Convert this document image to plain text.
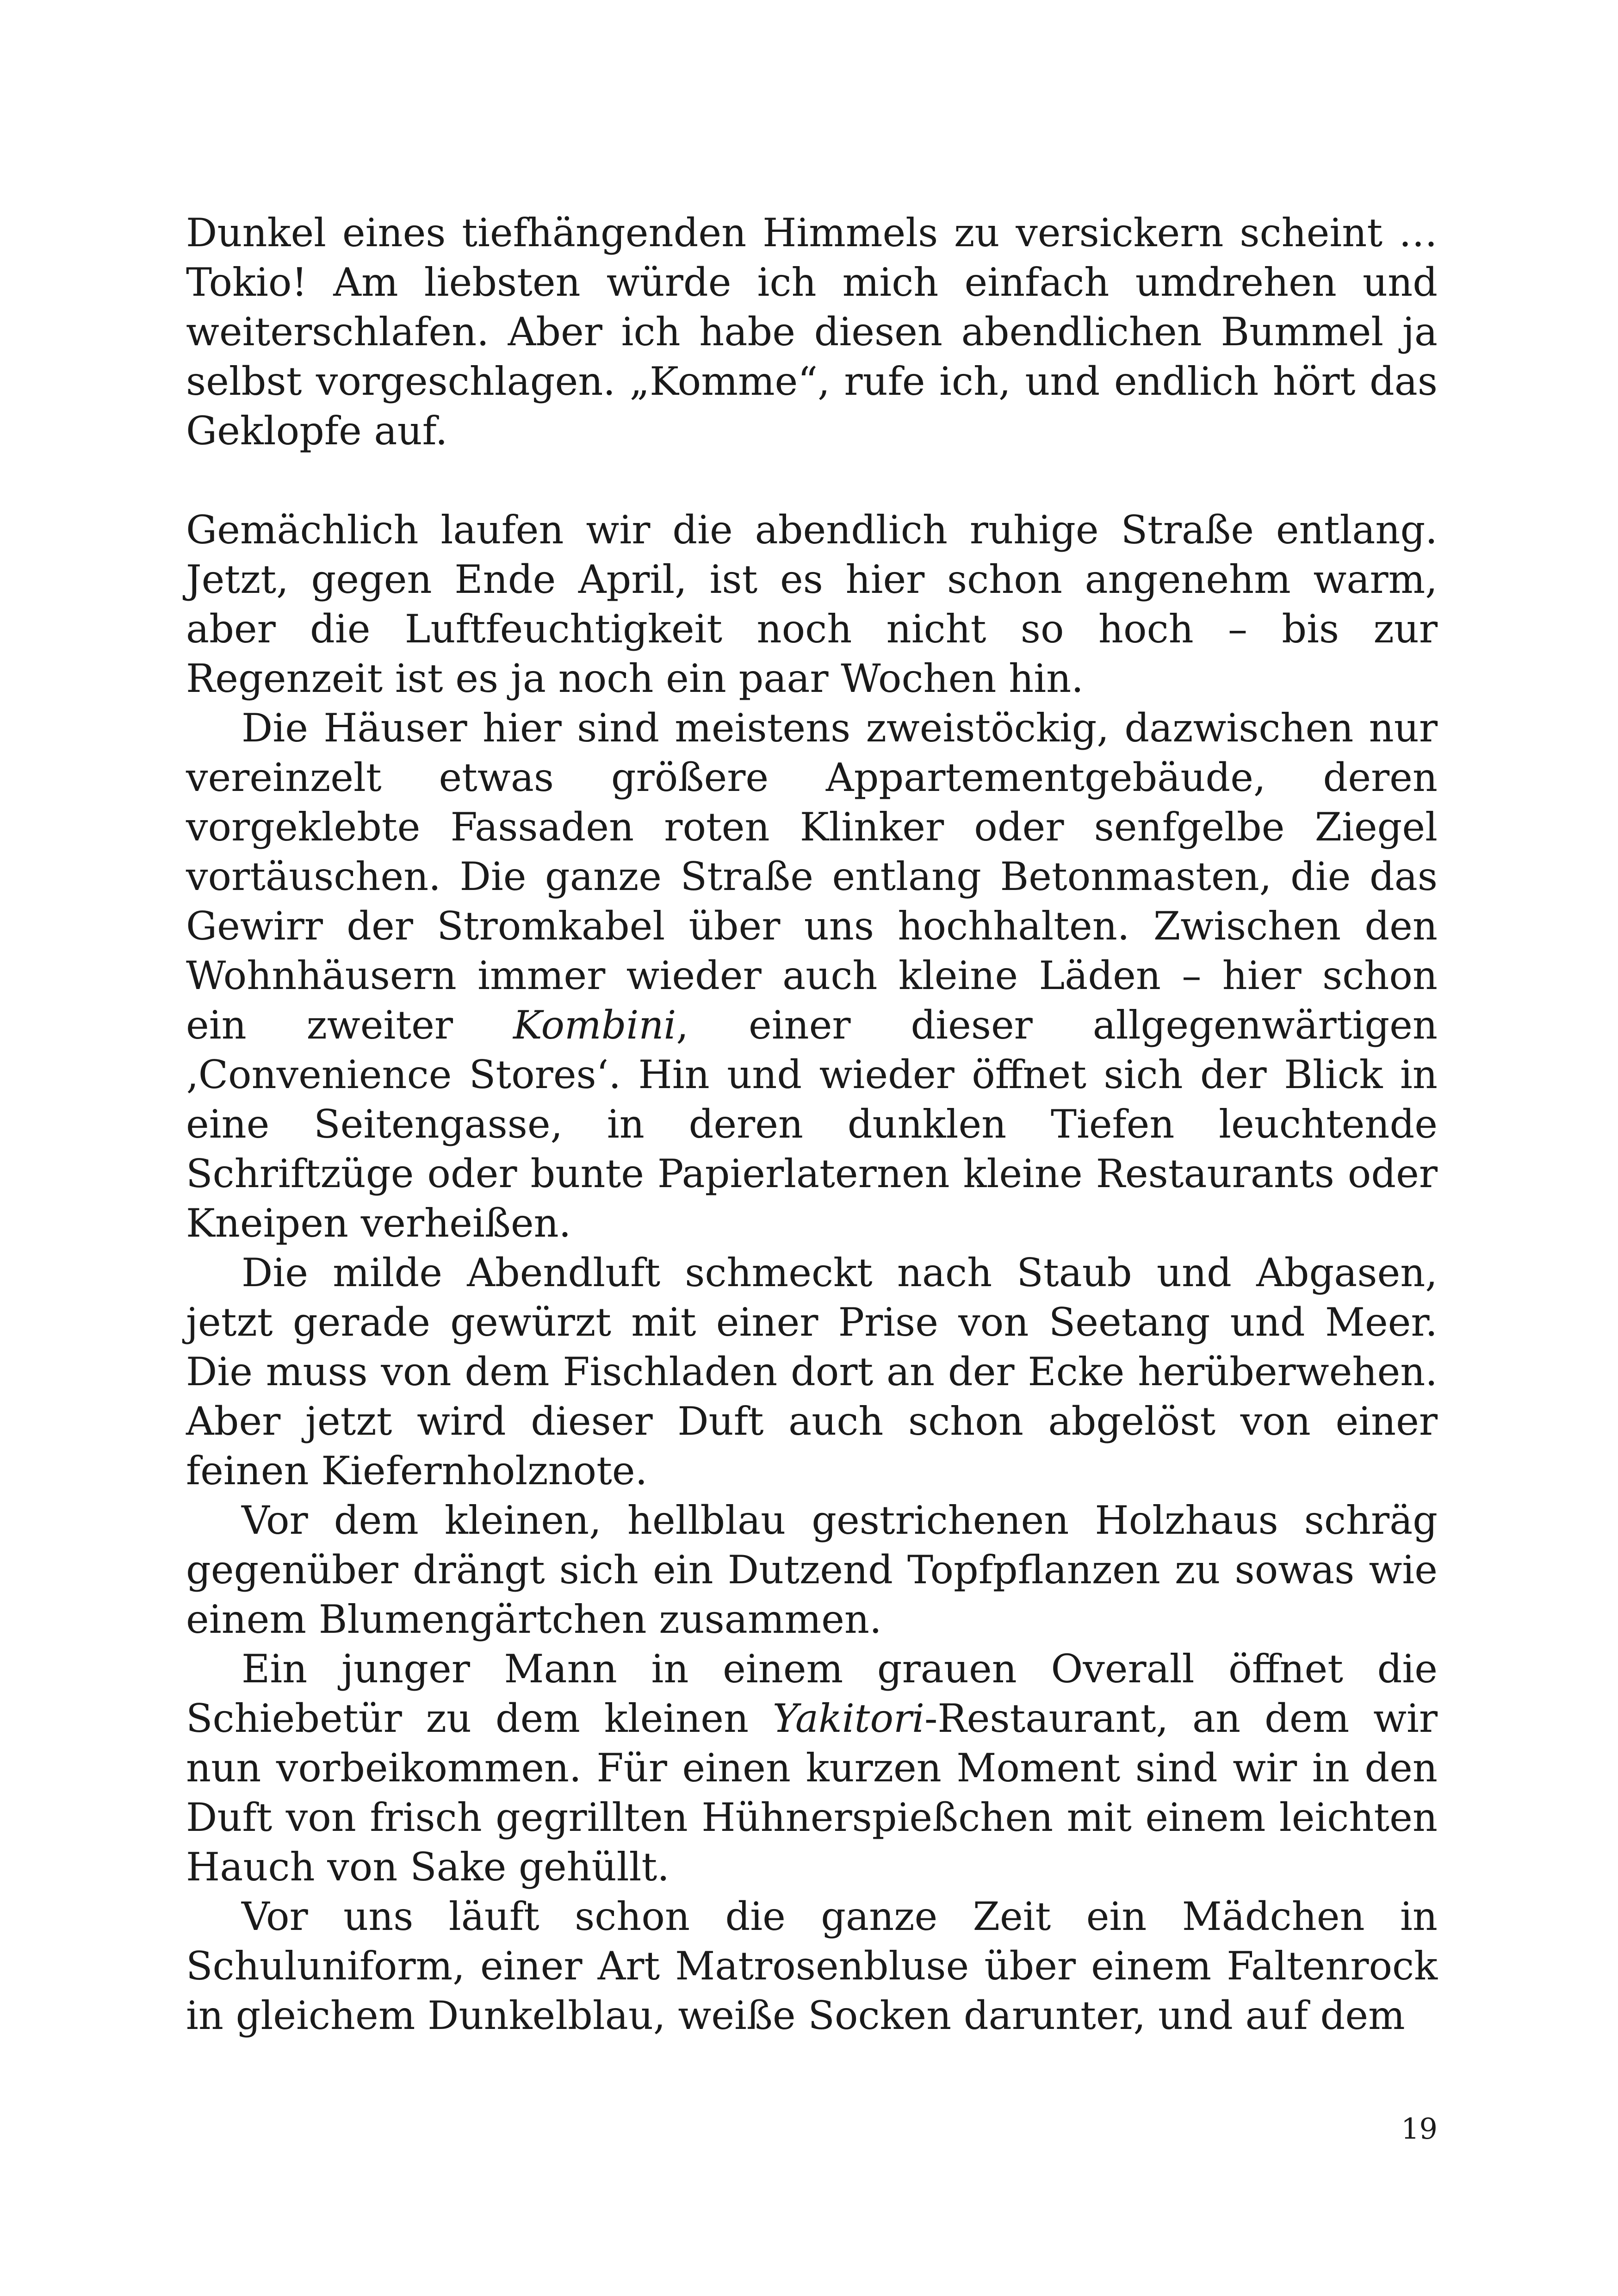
Dunkel eines tiefhängenden Himmels zu versickern scheint … Tokio! Am liebsten würde ich mich einfach umdrehen und weiterschlafen. Aber ich habe diesen abendlichen Bummel ja selbst vorgeschlagen. „Komme“, rufe ich, und endlich hört das Geklopfe auf.

Gemächlich laufen wir die abendlich ruhige Straße entlang. Jetzt, gegen Ende April, ist es hier schon angenehm warm, aber die Luftfeuchtigkeit noch nicht so hoch – bis zur Regenzeit ist es ja noch ein paar Wochen hin.

Die Häuser hier sind meistens zweistöckig, dazwischen nur vereinzelt etwas größere Appartementgebäude, deren vorgeklebte Fassaden roten Klinker oder senfgelbe Ziegel vortäuschen. Die ganze Straße entlang Betonmasten, die das Gewirr der Stromkabel über uns hochhalten. Zwischen den Wohnhäusern immer wieder auch kleine Läden – hier schon ein zweiter Kombini, einer dieser allgegenwärtigen ‚Convenience Stores‘. Hin und wieder öffnet sich der Blick in eine Seitengasse, in deren dunklen Tiefen leuchtende Schriftzüge oder bunte Papierlaternen kleine Restaurants oder Kneipen verheißen.

Die milde Abendluft schmeckt nach Staub und Abgasen, jetzt gerade gewürzt mit einer Prise von Seetang und Meer. Die muss von dem Fischladen dort an der Ecke herüberwehen. Aber jetzt wird dieser Duft auch schon abgelöst von einer feinen Kiefernholznote.

Vor dem kleinen, hellblau gestrichenen Holzhaus schräg gegenüber drängt sich ein Dutzend Topfpflanzen zu sowas wie einem Blumengärtchen zusammen.

Ein junger Mann in einem grauen Overall öffnet die Schiebetür zu dem kleinen Yakitori-Restaurant, an dem wir nun vorbeikommen. Für einen kurzen Moment sind wir in den Duft von frisch gegrillten Hühnerspießchen mit einem leichten Hauch von Sake gehüllt.

Vor uns läuft schon die ganze Zeit ein Mädchen in Schuluniform, einer Art Matrosenbluse über einem Faltenrock in gleichem Dunkelblau, weiße Socken darunter, und auf dem

19
